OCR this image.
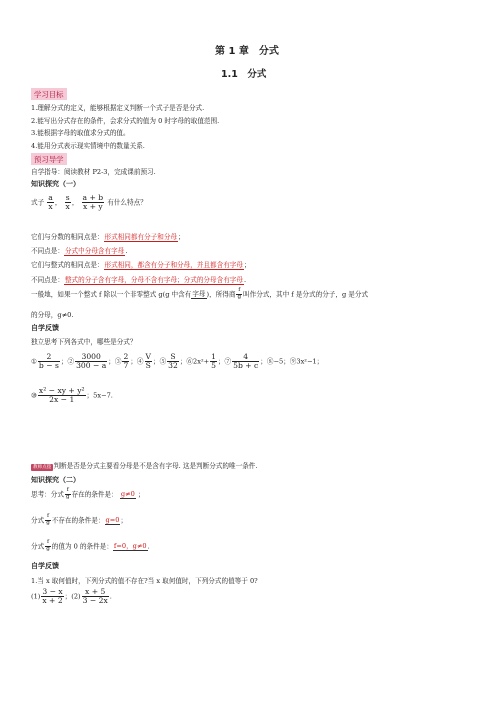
第 1 章　分式
1.1　分式
学习目标
1.理解分式的定义，能够根据定义判断一个式子是否是分式.
2.能写出分式存在的条件，会求分式的值为 0 时字母的取值范围.
3.能根据字母的取值求分式的值。
4.能用分式表示现实情境中的数量关系.
预习导学
自学指导：阅读教材 P2-3，完成课前预习.
知识探究（一）
式子 $\frac{a}{x}$ ， $\frac{s}{x}$ ， $\frac{a + b}{x + y}$ 有什么特点？
它们与分数的相同点是：形式相同都有分子和分母；
不同点是：分式中分母含有字母.
它们与整式的相同点是：形式相同，都含有分子和分母，并且都含有字母；
不同点是：整式的分子含有字母，分母不含有字母；分式的分母含有字母.
一般地，如果一个整式 f 除以一个非零整式 g(g 中含有字母)，所得商 $\frac{f}{g}$ 叫作分式，其中 f 是分式的分子，g 是分式
的分母，g≠0.
自学反馈
独立思考下列各式中，哪些是分式？
① $\frac{2}{b - s}$ ；② $\frac{3000}{300 - a}$ ；③ $\frac{2}{7}$ ；④ $\frac{V}{S}$ ；⑤ $\frac{S}{32}$ ；⑥2x²+ $\frac{1}{5}$ ；⑦ $\frac{4}{5b + c}$ ；⑧−5；⑨3x²−1；
⑩ $\frac{\text{x² − xy + y²}}{2x - 1}$ ；5x−7.
教师点拨 判断是否是分式主要看分母是不是含有字母. 这是判断分式的唯一条件.
知识探究（二）
思考：分式 $\frac{f}{g}$ 存在的条件是： g≠0 ；
分式 $\frac{f}{g}$ 不存在的条件是：g=0；
分式 $\frac{f}{g}$ 的值为 0 的条件是：f=0，g≠0.
自学反馈
1.当 x 取何值时，下列分式的值不存在?当 x 取何值时，下列分式的值等于 0?
$(1) \frac{3 - x}{x + 2}$ ；$(2) \frac{x + 5}{3 - 2x}$ .
